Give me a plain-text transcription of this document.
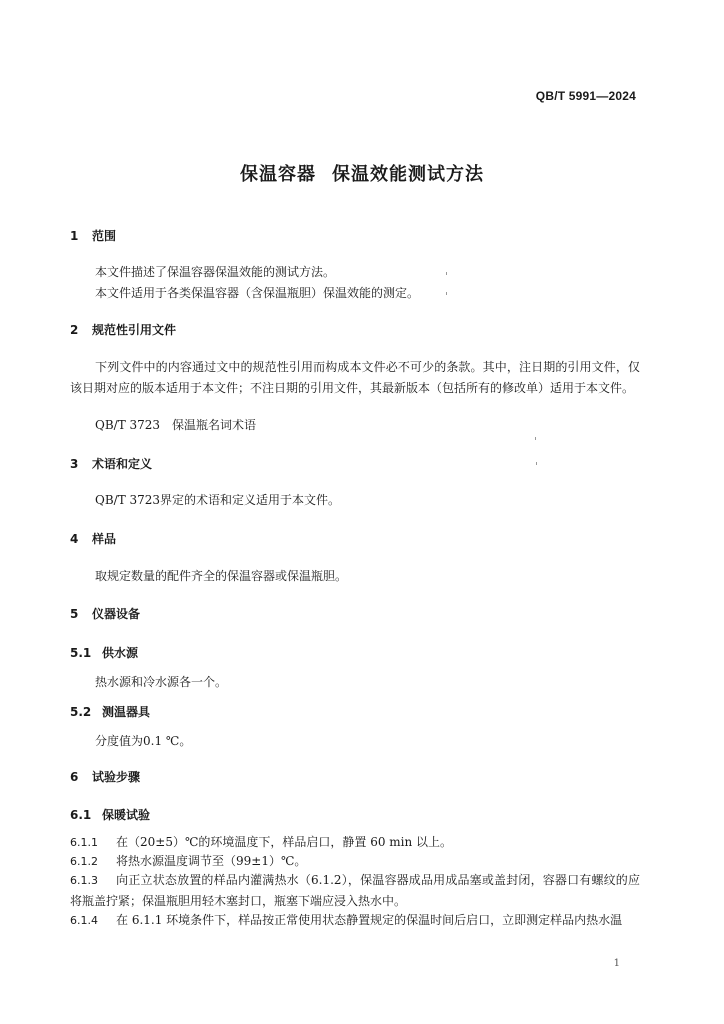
QB/T 5991—2024
保温容器 保温效能测试方法
1 范围
本文件描述了保温容器保温效能的测试方法。
本文件适用于各类保温容器（含保温瓶胆）保温效能的测定。
2 规范性引用文件
下列文件中的内容通过文中的规范性引用而构成本文件必不可少的条款。其中，注日期的引用文件，仅该日期对应的版本适用于本文件；不注日期的引用文件，其最新版本（包括所有的修改单）适用于本文件。
QB/T 3723　保温瓶名词术语
3 术语和定义
QB/T 3723界定的术语和定义适用于本文件。
4 样品
取规定数量的配件齐全的保温容器或保温瓶胆。
5 仪器设备
5.1 供水源
热水源和冷水源各一个。
5.2 测温器具
分度值为0.1 ℃。
6 试验步骤
6.1 保暖试验
6.1.1 在（20±5）℃的环境温度下，样品启口，静置 60 min 以上。
6.1.2 将热水源温度调节至（99±1）℃。
6.1.3 向正立状态放置的样品内灌满热水（6.1.2），保温容器成品用成品塞或盖封闭，容器口有螺纹的应将瓶盖拧紧；保温瓶胆用轻木塞封口，瓶塞下端应浸入热水中。
6.1.4 在 6.1.1 环境条件下，样品按正常使用状态静置规定的保温时间后启口，立即测定样品内热水温
1
